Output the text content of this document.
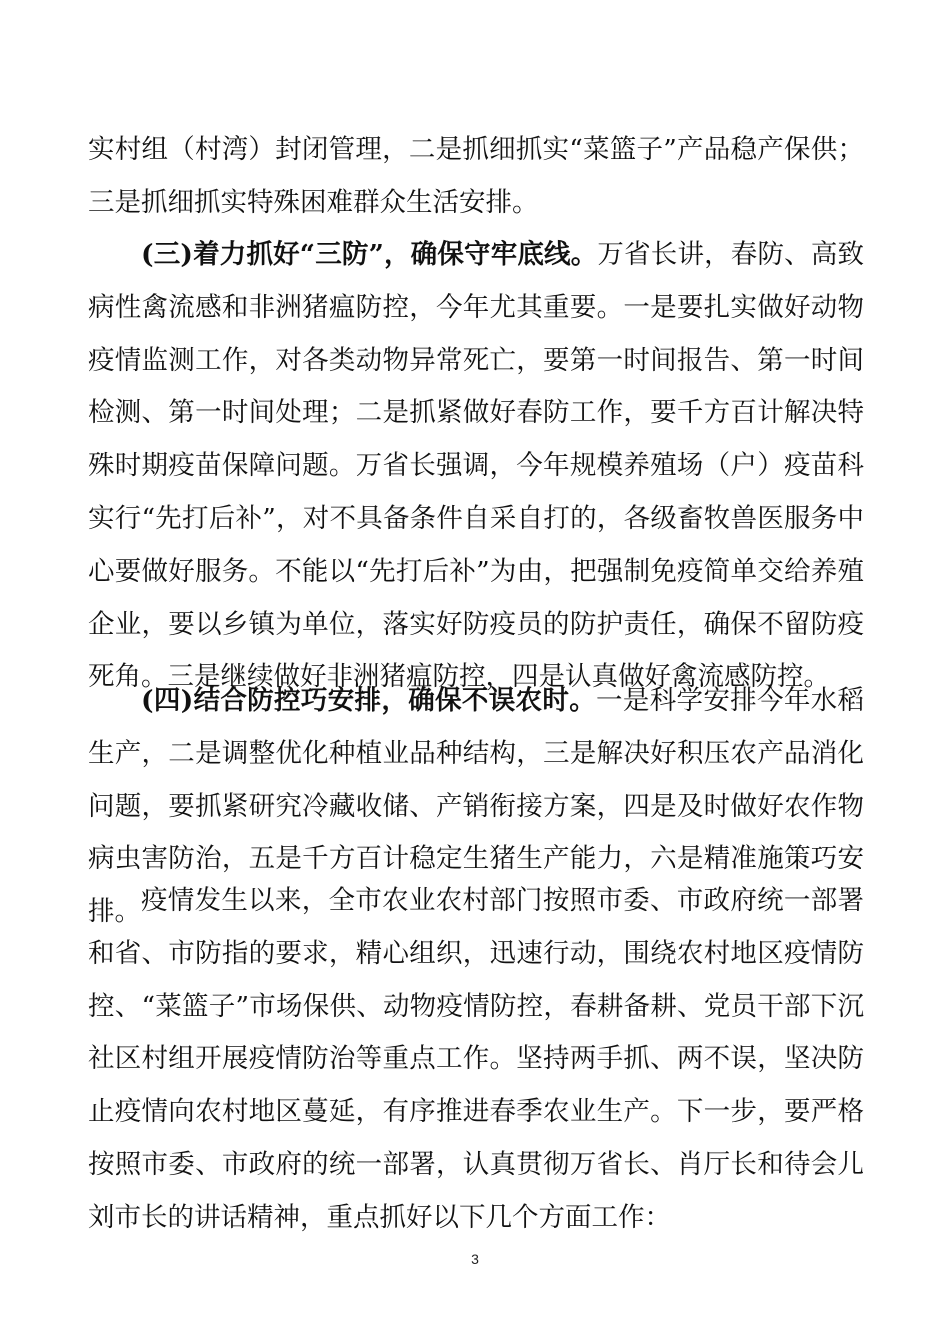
实村组（村湾）封闭管理，二是抓细抓实“菜篮子”产品稳产保供；三是抓细抓实特殊困难群众生活安排。

(三)着力抓好“三防”，确保守牢底线。万省长讲，春防、高致病性禽流感和非洲猪瘟防控，今年尤其重要。一是要扎实做好动物疫情监测工作，对各类动物异常死亡，要第一时间报告、第一时间检测、第一时间处理；二是抓紧做好春防工作，要千方百计解决特殊时期疫苗保障问题。万省长强调，今年规模养殖场（户）疫苗科实行“先打后补”，对不具备条件自采自打的，各级畜牧兽医服务中心要做好服务。不能以“先打后补”为由，把强制免疫简单交给养殖企业，要以乡镇为单位，落实好防疫员的防护责任，确保不留防疫死角。三是继续做好非洲猪瘟防控，四是认真做好禽流感防控。

(四)结合防控巧安排，确保不误农时。一是科学安排今年水稻生产，二是调整优化种植业品种结构，三是解决好积压农产品消化问题，要抓紧研究冷藏收储、产销衔接方案，四是及时做好农作物病虫害防治，五是千方百计稳定生猪生产能力，六是精准施策巧安排。 疫情发生以来，全市农业农村部门按照市委、市政府统一部署和省、市防指的要求，精心组织，迅速行动，围绕农村地区疫情防控、“菜篮子”市场保供、动物疫情防控，春耕备耕、党员干部下沉社区村组开展疫情防治等重点工作。坚持两手抓、两不误，坚决防止疫情向农村地区蔓延，有序推进春季农业生产。下一步，要严格按照市委、市政府的统一部署，认真贯彻万省长、肖厅长和待会儿刘市长的讲话精神，重点抓好以下几个方面工作：

3
